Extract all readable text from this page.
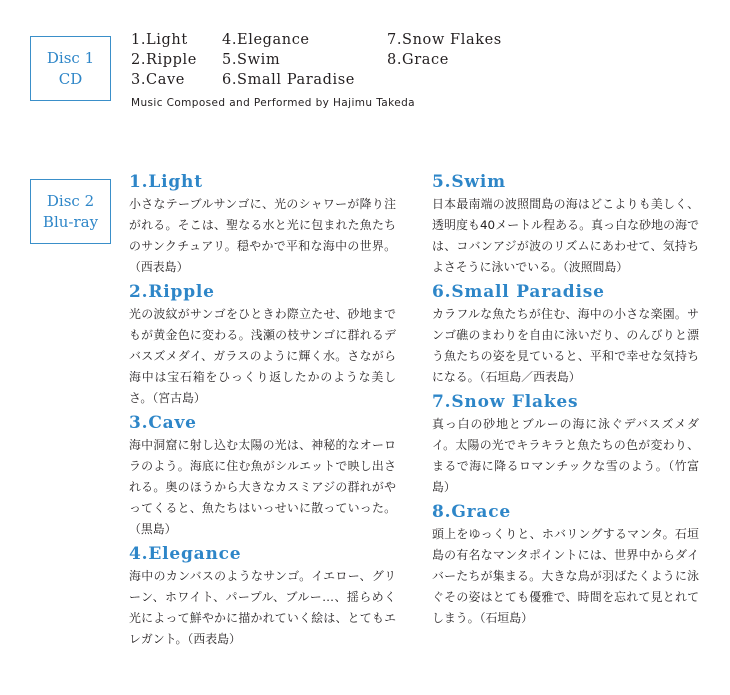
Disc 1
CD
1.Light
2.Ripple
3.Cave
4.Elegance
5.Swim
6.Small Paradise
7.Snow Flakes
8.Grace
Music Composed and Performed by Hajimu Takeda
Disc 2
Blu-ray
1.Light

小さなテーブルサンゴに、光のシャワーが降り注がれる。そこは、聖なる水と光に包まれた魚たちのサンクチュアリ。穏やかで平和な海中の世界。（西表島）

2.Ripple

光の波紋がサンゴをひときわ際立たせ、砂地までもが黄金色に変わる。浅瀬の枝サンゴに群れるデバスズメダイ、ガラスのように輝く水。さながら海中は宝石箱をひっくり返したかのような美しさ。（宮古島）

3.Cave

海中洞窟に射し込む太陽の光は、神秘的なオーロラのよう。海底に住む魚がシルエットで映し出される。奥のほうから大きなカスミアジの群れがやってくると、魚たちはいっせいに散っていった。（黒島）

4.Elegance

海中のカンバスのようなサンゴ。イエロー、グリーン、ホワイト、パープル、ブルー…、揺らめく光によって鮮やかに描かれていく絵は、とてもエレガント。（西表島）

5.Swim

日本最南端の波照間島の海はどこよりも美しく、透明度も40メートル程ある。真っ白な砂地の海では、コバンアジが波のリズムにあわせて、気持ちよさそうに泳いでいる。（波照間島）

6.Small Paradise

カラフルな魚たちが住む、海中の小さな楽園。サンゴ礁のまわりを自由に泳いだり、のんびりと漂う魚たちの姿を見ていると、平和で幸せな気持ちになる。（石垣島／西表島）

7.Snow Flakes

真っ白の砂地とブルーの海に泳ぐデバスズメダイ。太陽の光でキラキラと魚たちの色が変わり、まるで海に降るロマンチックな雪のよう。（竹富島）

8.Grace

頭上をゆっくりと、ホバリングするマンタ。石垣島の有名なマンタポイントには、世界中からダイバーたちが集まる。大きな鳥が羽ばたくように泳ぐその姿はとても優雅で、時間を忘れて見とれてしまう。（石垣島）
